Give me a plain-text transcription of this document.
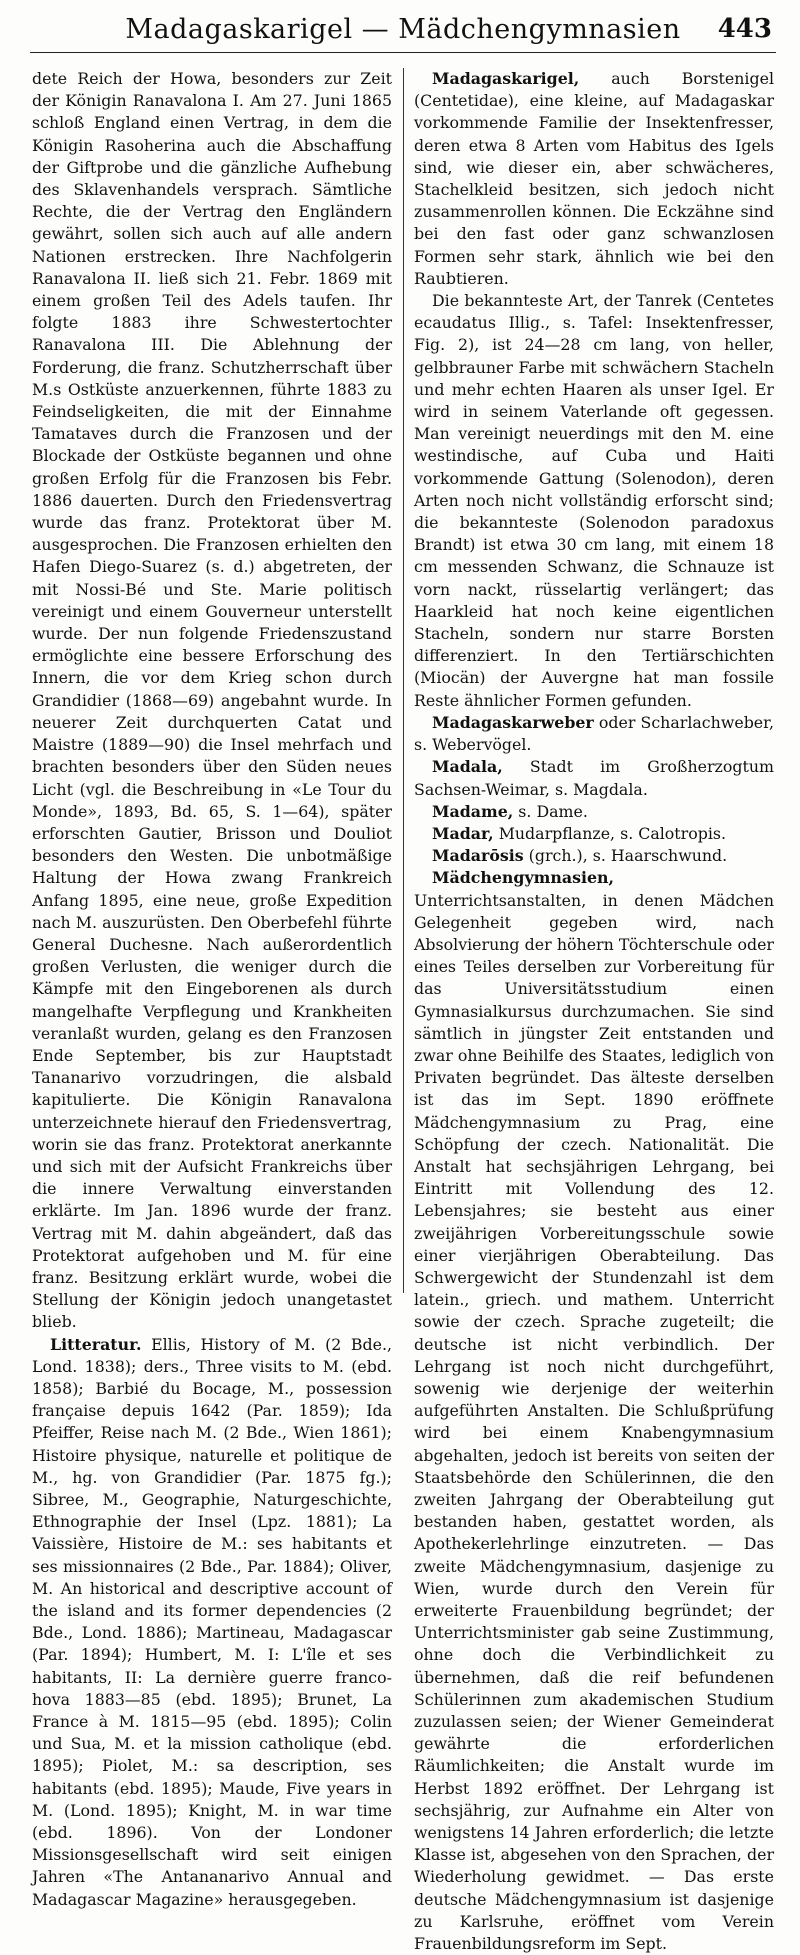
Madagaskarigel — Mädchengymnasien	443

dete Reich der Howa, besonders zur Zeit der Königin Ranavalona I. Am 27. Juni 1865 schloß England einen Vertrag, in dem die Königin Rasoherina auch die Abschaffung der Giftprobe und die gänzliche Aufhebung des Sklavenhandels versprach. Sämtliche Rechte, die der Vertrag den Engländern gewährt, sollen sich auch auf alle andern Nationen erstrecken. Ihre Nachfolgerin Ranavalona II. ließ sich 21. Febr. 1869 mit einem großen Teil des Adels taufen. Ihr folgte 1883 ihre Schwestertochter Ranavalona III. Die Ablehnung der Forderung, die franz. Schutzherrschaft über M.s Ostküste anzuerkennen, führte 1883 zu Feindseligkeiten, die mit der Einnahme Tamataves durch die Franzosen und der Blockade der Ostküste begannen und ohne großen Erfolg für die Franzosen bis Febr. 1886 dauerten. Durch den Friedensvertrag wurde das franz. Protektorat über M. ausgesprochen. Die Franzosen erhielten den Hafen Diego-Suarez (s. d.) abgetreten, der mit Nossi-Bé und Ste. Marie politisch vereinigt und einem Gouverneur unterstellt wurde. Der nun folgende Friedenszustand ermöglichte eine bessere Erforschung des Innern, die vor dem Krieg schon durch Grandidier (1868—69) angebahnt wurde. In neuerer Zeit durchquerten Catat und Maistre (1889—90) die Insel mehrfach und brachten besonders über den Süden neues Licht (vgl. die Beschreibung in «Le Tour du Monde», 1893, Bd. 65, S. 1—64), später erforschten Gautier, Brisson und Douliot besonders den Westen. Die unbotmäßige Haltung der Howa zwang Frankreich Anfang 1895, eine neue, große Expedition nach M. auszurüsten. Den Oberbefehl führte General Duchesne. Nach außerordentlich großen Verlusten, die weniger durch die Kämpfe mit den Eingeborenen als durch mangelhafte Verpflegung und Krankheiten veranlaßt wurden, gelang es den Franzosen Ende September, bis zur Hauptstadt Tananarivo vorzudringen, die alsbald kapitulierte. Die Königin Ranavalona unterzeichnete hierauf den Friedensvertrag, worin sie das franz. Protektorat anerkannte und sich mit der Aufsicht Frankreichs über die innere Verwaltung einverstanden erklärte. Im Jan. 1896 wurde der franz. Vertrag mit M. dahin abgeändert, daß das Protektorat aufgehoben und M. für eine franz. Besitzung erklärt wurde, wobei die Stellung der Königin jedoch unangetastet blieb.

Litteratur. Ellis, History of M. (2 Bde., Lond. 1838); ders., Three visits to M. (ebd. 1858); Barbié du Bocage, M., possession française depuis 1642 (Par. 1859); Ida Pfeiffer, Reise nach M. (2 Bde., Wien 1861); Histoire physique, naturelle et politique de M., hg. von Grandidier (Par. 1875 fg.); Sibree, M., Geographie, Naturgeschichte, Ethnographie der Insel (Lpz. 1881); La Vaissière, Histoire de M.: ses habitants et ses missionnaires (2 Bde., Par. 1884); Oliver, M. An historical and descriptive account of the island and its former dependencies (2 Bde., Lond. 1886); Martineau, Madagascar (Par. 1894); Humbert, M. I: L'île et ses habitants, II: La dernière guerre franco-hova 1883—85 (ebd. 1895); Brunet, La France à M. 1815—95 (ebd. 1895); Colin und Sua, M. et la mission catholique (ebd. 1895); Piolet, M.: sa description, ses habitants (ebd. 1895); Maude, Five years in M. (Lond. 1895); Knight, M. in war time (ebd. 1896). Von der Londoner Missionsgesellschaft wird seit einigen Jahren «The Antananarivo Annual and Madagascar Magazine» herausgegeben.

Madagaskarigel, auch Borstenigel (Centetidae), eine kleine, auf Madagaskar vorkommende Familie der Insektenfresser, deren etwa 8 Arten vom Habitus des Igels sind, wie dieser ein, aber schwächeres, Stachelkleid besitzen, sich jedoch nicht zusammenrollen können. Die Eckzähne sind bei den fast oder ganz schwanzlosen Formen sehr stark, ähnlich wie bei den Raubtieren.

Die bekannteste Art, der Tanrek (Centetes ecaudatus Illig., s. Tafel: Insektenfresser, Fig. 2), ist 24—28 cm lang, von heller, gelbbrauner Farbe mit schwächern Stacheln und mehr echten Haaren als unser Igel. Er wird in seinem Vaterlande oft gegessen. Man vereinigt neuerdings mit den M. eine westindische, auf Cuba und Haiti vorkommende Gattung (Solenodon), deren Arten noch nicht vollständig erforscht sind; die bekannteste (Solenodon paradoxus Brandt) ist etwa 30 cm lang, mit einem 18 cm messenden Schwanz, die Schnauze ist vorn nackt, rüsselartig verlängert; das Haarkleid hat noch keine eigentlichen Stacheln, sondern nur starre Borsten differenziert. In den Tertiärschichten (Miocän) der Auvergne hat man fossile Reste ähnlicher Formen gefunden.

Madagaskarweber oder Scharlachweber, s. Webervögel.

Madala, Stadt im Großherzogtum Sachsen-Weimar, s. Magdala.

Madame, s. Dame.

Madar, Mudarpflanze, s. Calotropis.

Madarōsis (grch.), s. Haarschwund.

Mädchengymnasien, Unterrichtsanstalten, in denen Mädchen Gelegenheit gegeben wird, nach Absolvierung der höhern Töchterschule oder eines Teiles derselben zur Vorbereitung für das Universitätsstudium einen Gymnasialkursus durchzumachen. Sie sind sämtlich in jüngster Zeit entstanden und zwar ohne Beihilfe des Staates, lediglich von Privaten begründet. Das älteste derselben ist das im Sept. 1890 eröffnete Mädchengymnasium zu Prag, eine Schöpfung der czech. Nationalität. Die Anstalt hat sechsjährigen Lehrgang, bei Eintritt mit Vollendung des 12. Lebensjahres; sie besteht aus einer zweijährigen Vorbereitungsschule sowie einer vierjährigen Oberabteilung. Das Schwergewicht der Stundenzahl ist dem latein., griech. und mathem. Unterricht sowie der czech. Sprache zugeteilt; die deutsche ist nicht verbindlich. Der Lehrgang ist noch nicht durchgeführt, sowenig wie derjenige der weiterhin aufgeführten Anstalten. Die Schlußprüfung wird bei einem Knabengymnasium abgehalten, jedoch ist bereits von seiten der Staatsbehörde den Schülerinnen, die den zweiten Jahrgang der Oberabteilung gut bestanden haben, gestattet worden, als Apothekerlehrlinge einzutreten. — Das zweite Mädchengymnasium, dasjenige zu Wien, wurde durch den Verein für erweiterte Frauenbildung begründet; der Unterrichtsminister gab seine Zustimmung, ohne doch die Verbindlichkeit zu übernehmen, daß die reif befundenen Schülerinnen zum akademischen Studium zuzulassen seien; der Wiener Gemeinderat gewährte die erforderlichen Räumlichkeiten; die Anstalt wurde im Herbst 1892 eröffnet. Der Lehrgang ist sechsjährig, zur Aufnahme ein Alter von wenigstens 14 Jahren erforderlich; die letzte Klasse ist, abgesehen von den Sprachen, der Wiederholung gewidmet. — Das erste deutsche Mädchengymnasium ist dasjenige zu Karlsruhe, eröffnet vom Verein Frauenbildungsreform im Sept.
